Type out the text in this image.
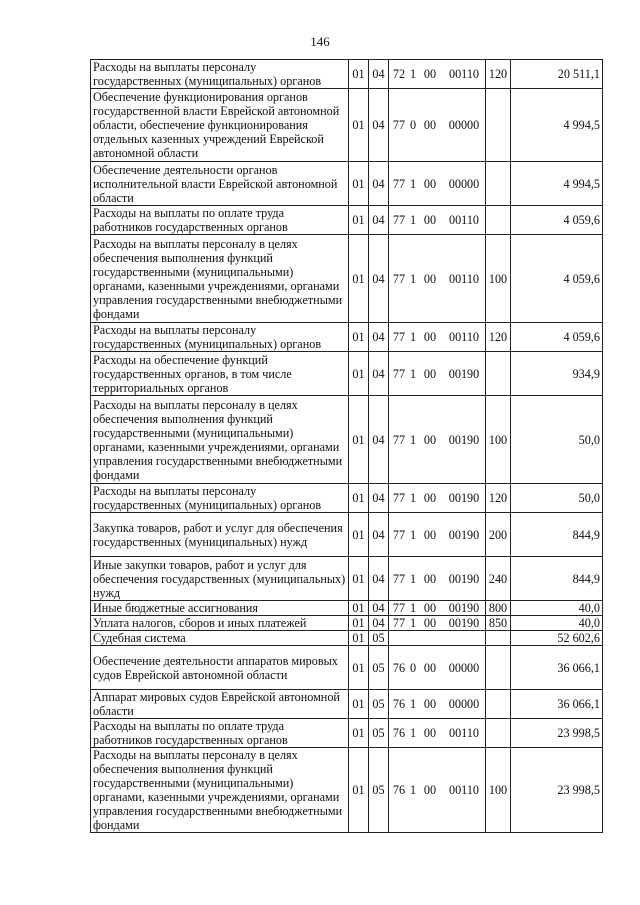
146
Расходы на выплаты персоналу государственных (муниципальных) органов	01	04	72 1 00 00110	120	20 511,1
Обеспечение функционирования органов государственной власти Еврейской автономной области, обеспечение функционирования отдельных казенных учреждений Еврейской автономной области	01	04	77 0 00 00000		4 994,5
Обеспечение деятельности органов исполнительной власти Еврейской автономной области	01	04	77 1 00 00000		4 994,5
Расходы на выплаты по оплате труда работников государственных органов	01	04	77 1 00 00110		4 059,6
Расходы на выплаты персоналу в целях обеспечения выполнения функций государственными (муниципальными) органами, казенными учреждениями, органами управления государственными внебюджетными фондами	01	04	77 1 00 00110	100	4 059,6
Расходы на выплаты персоналу государственных (муниципальных) органов	01	04	77 1 00 00110	120	4 059,6
Расходы на обеспечение функций государственных органов, в том числе территориальных органов	01	04	77 1 00 00190		934,9
Расходы на выплаты персоналу в целях обеспечения выполнения функций государственными (муниципальными) органами, казенными учреждениями, органами управления государственными внебюджетными фондами	01	04	77 1 00 00190	100	50,0
Расходы на выплаты персоналу государственных (муниципальных) органов	01	04	77 1 00 00190	120	50,0
Закупка товаров, работ и услуг для обеспечения государственных (муниципальных) нужд	01	04	77 1 00 00190	200	844,9
Иные закупки товаров, работ и услуг для обеспечения государственных (муниципальных) нужд	01	04	77 1 00 00190	240	844,9
Иные бюджетные ассигнования	01	04	77 1 00 00190	800	40,0
Уплата налогов, сборов и иных платежей	01	04	77 1 00 00190	850	40,0
Судебная система	01	05			52 602,6
Обеспечение деятельности аппаратов мировых судов Еврейской автономной области	01	05	76 0 00 00000		36 066,1
Аппарат мировых судов Еврейской автономной области	01	05	76 1 00 00000		36 066,1
Расходы на выплаты по оплате труда работников государственных органов	01	05	76 1 00 00110		23 998,5
Расходы на выплаты персоналу в целях обеспечения выполнения функций государственными (муниципальными) органами, казенными учреждениями, органами управления государственными внебюджетными фондами	01	05	76 1 00 00110	100	23 998,5
